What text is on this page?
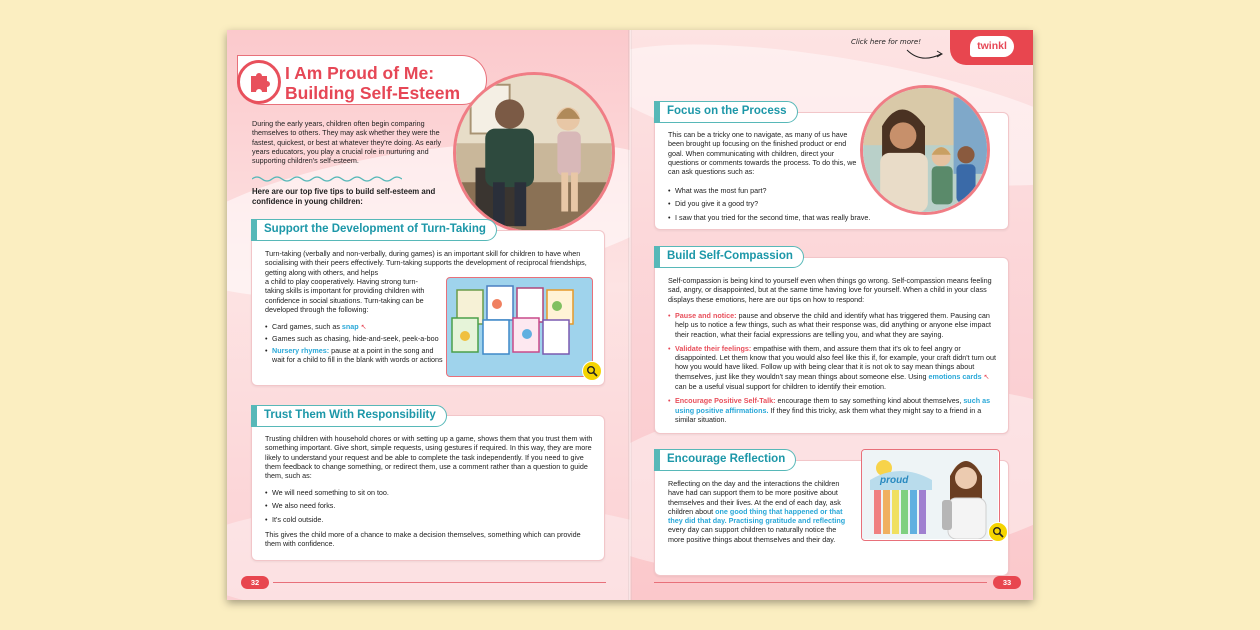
I Am Proud of Me:
Building Self-Esteem
During the early years, children often begin comparing themselves to others. They may ask whether they were the fastest, quickest, or best at whatever they're doing. As early years educators, you play a crucial role in nurturing and supporting children's self-esteem.
Here are our top five tips to build self-esteem and confidence in young children:
Turn-taking (verbally and non-verbally, during games) is an important skill for children to have when socialising with their peers effectively. Turn-taking supports the development of reciprocal friendships, getting along with others, and helps
a child to play cooperatively. Having strong turn-taking skills is important for providing children with confidence in social situations. Turn-taking can be developed through the following:
• Card games, such as snap ↖
• Games such as chasing, hide-and-seek, peek-a-boo
• Nursery rhymes: pause at a point in the song and wait for a child to fill in the blank with words or actions
Support the Development of Turn-Taking
Trusting children with household chores or with setting up a game, shows them that you trust them with something important. Give short, simple requests, using gestures if required. In this way, they are more likely to understand your request and be able to complete the task independently. If you need to give them feedback to change something, or redirect them, use a comment rather than a question to guide them, such as:
• We will need something to sit on too.
• We also need forks.
• It's cold outside.
This gives the child more of a chance to make a decision themselves, something which can provide them with confidence.
Trust Them With Responsibility
32
This can be a tricky one to navigate, as many of us have been brought up focusing on the finished product or end goal. When communicating with children, direct your questions or comments towards the process. To do this, we can ask questions such as:
• What was the most fun part?
• Did you give it a good try?
• I saw that you tried for the second time, that was really brave.
Focus on the Process
Self-compassion is being kind to yourself even when things go wrong. Self-compassion means feeling sad, angry, or disappointed, but at the same time having love for yourself. When a child in your class displays these emotions, here are our tips on how to respond:
• Pause and notice: pause and observe the child and identify what has triggered them. Pausing can help us to notice a few things, such as what their response was, did anything or anyone else impact their reaction, what their facial expressions are telling you, and what they are saying.
• Validate their feelings: empathise with them, and assure them that it's ok to feel angry or disappointed. Let them know that you would also feel like this if, for example, your craft didn't turn out how you would have liked. Follow up with being clear that it is not ok to say mean things about themselves, just like they wouldn't say mean things about someone else. Using emotions cards ↖ can be a useful visual support for children to identify their emotion.
• Encourage Positive Self-Talk: encourage them to say something kind about themselves, such as using positive affirmations. If they find this tricky, ask them what they might say to a friend in a similar situation.
Build Self-Compassion
Reflecting on the day and the interactions the children have had can support them to be more positive about themselves and their lives. At the end of each day, ask children about one good thing that happened or that they did that day. Practising gratitude and reflecting every day can support children to naturally notice the more positive things about themselves and their day.
Encourage Reflection
proud
33
Click here for more!	twinkl
